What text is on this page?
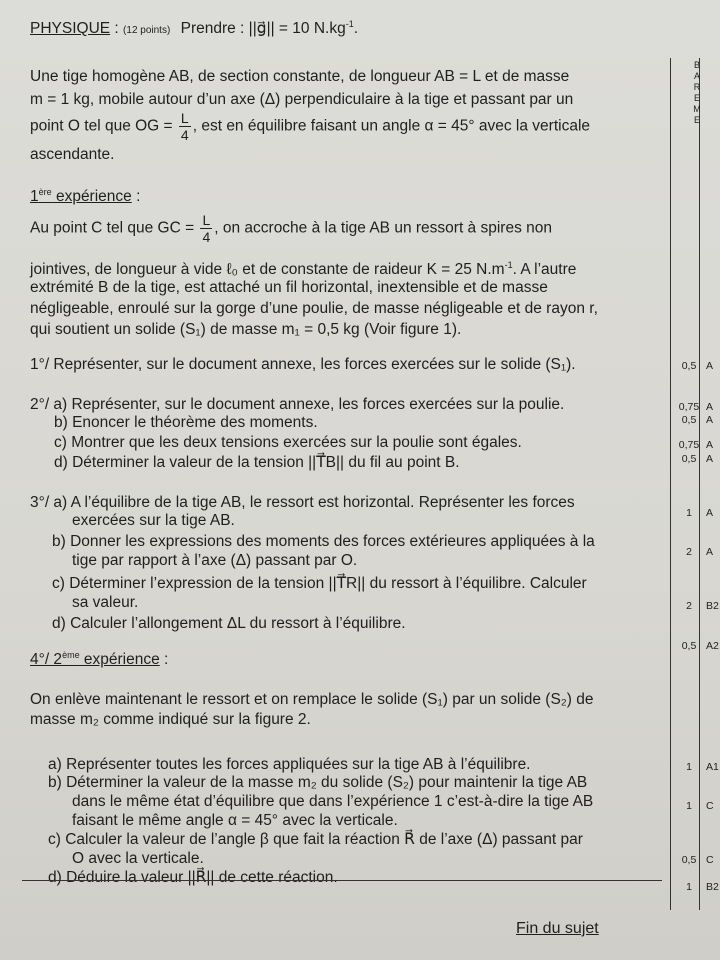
PHYSIQUE : (12 points) Prendre : ||g⃗|| = 10 $N.kg^{-1}$.
Une tige homogène AB, de section constante, de longueur AB = L et de masse
m = 1 kg, mobile autour d’un axe (Δ) perpendiculaire à la tige et passant par un
point O tel que OG = $\frac{L}{4}$ , est en équilibre faisant un angle α = 45° avec la verticale
ascendante.
1ère expérience :
Au point C tel que GC = $\frac{L}{4}$ , on accroche à la tige AB un ressort à spires non
jointives, de longueur à vide ℓ₀ et de constante de raideur K = 25 $N.m^{-1}$. A l’autre
extrémité B de la tige, est attaché un fil horizontal, inextensible et de masse
négligeable, enroulé sur la gorge d’une poulie, de masse négligeable et de rayon r,
qui soutient un solide (S₁) de masse m₁ = 0,5 kg (Voir figure 1).
1°/ Représenter, sur le document annexe, les forces exercées sur le solide (S₁).
2°/ a) Représenter, sur le document annexe, les forces exercées sur la poulie.
b) Enoncer le théorème des moments.
c) Montrer que les deux tensions exercées sur la poulie sont égales.
d) Déterminer la valeur de la tension ||T⃗B|| du fil au point B.
3°/ a) A l’équilibre de la tige AB, le ressort est horizontal. Représenter les forces
exercées sur la tige AB.
b) Donner les expressions des moments des forces extérieures appliquées à la
tige par rapport à l’axe (Δ) passant par O.
c) Déterminer l’expression de la tension ||T⃗R|| du ressort à l’équilibre. Calculer
sa valeur.
d) Calculer l’allongement ΔL du ressort à l’équilibre.
4°/ 2ème expérience :
On enlève maintenant le ressort et on remplace le solide (S₁) par un solide (S₂) de
masse m₂ comme indiqué sur la figure 2.
a) Représenter toutes les forces appliquées sur la tige AB à l’équilibre.
b) Déterminer la valeur de la masse m₂ du solide (S₂) pour maintenir la tige AB
dans le même état d’équilibre que dans l’expérience 1 c’est-à-dire la tige AB
faisant le même angle α = 45° avec la verticale.
c) Calculer la valeur de l’angle β que fait la réaction R⃗ de l’axe (Δ) passant par
O avec la verticale.
d) Déduire la valeur ||R⃗|| de cette réaction.
B
A
R
E
M
E
0,5 A
0,75 A
0,5 A
0,75 A
0,5 A
1	A
2	A
2	B2
0,5 A2
1	A1
1	C
0,5 C
1	B2
Fin du sujet
